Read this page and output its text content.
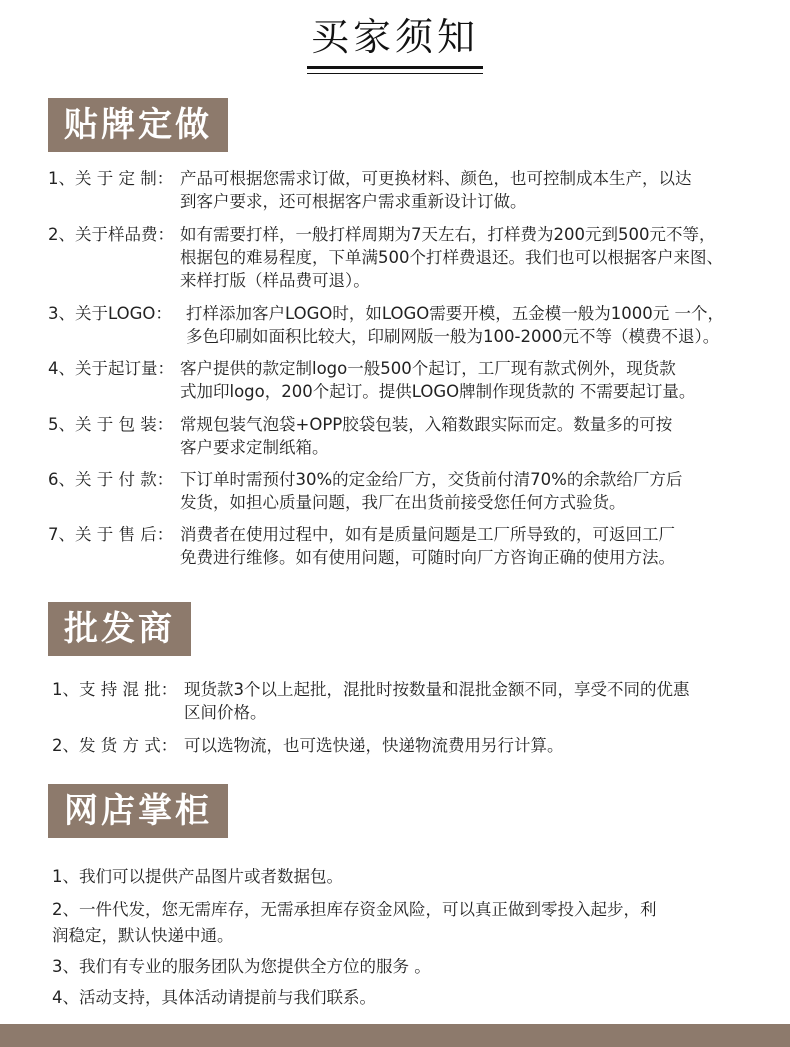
买家须知
贴牌定做
1、关 于 定 制： 产品可根据您需求订做，可更换材料、颜色，也可控制成本生产，以达
到客户要求，还可根据客户需求重新设计订做。
2、关于样品费： 如有需要打样，一般打样周期为7天左右，打样费为200元到500元不等，
根据包的难易程度，下单满500个打样费退还。我们也可以根据客户来图、
来样打版（样品费可退）。
3、关于LOGO： 打样添加客户LOGO时，如LOGO需要开模，五金模一般为1000元 一个，
多色印刷如面积比较大，印刷网版一般为100-2000元不等（模费不退）。
4、关于起订量： 客户提供的款定制logo一般500个起订，工厂现有款式例外，现货款
式加印logo，200个起订。提供LOGO牌制作现货款的 不需要起订量。
5、关 于 包 装： 常规包装气泡袋+OPP胶袋包装，入箱数跟实际而定。数量多的可按
客户要求定制纸箱。
6、关 于 付 款： 下订单时需预付30%的定金给厂方，交货前付清70%的余款给厂方后
发货，如担心质量问题，我厂在出货前接受您任何方式验货。
7、关 于 售 后： 消费者在使用过程中，如有是质量问题是工厂所导致的，可返回工厂
免费进行维修。如有使用问题，可随时向厂方咨询正确的使用方法。
批发商
1、支 持 混 批： 现货款3个以上起批，混批时按数量和混批金额不同，享受不同的优惠
区间价格。
2、发 货 方 式： 可以选物流，也可选快递，快递物流费用另行计算。
网店掌柜
1、我们可以提供产品图片或者数据包。
2、一件代发，您无需库存，无需承担库存资金风险，可以真正做到零投入起步，利
润稳定，默认快递中通。
3、我们有专业的服务团队为您提供全方位的服务 。
4、活动支持，具体活动请提前与我们联系。
